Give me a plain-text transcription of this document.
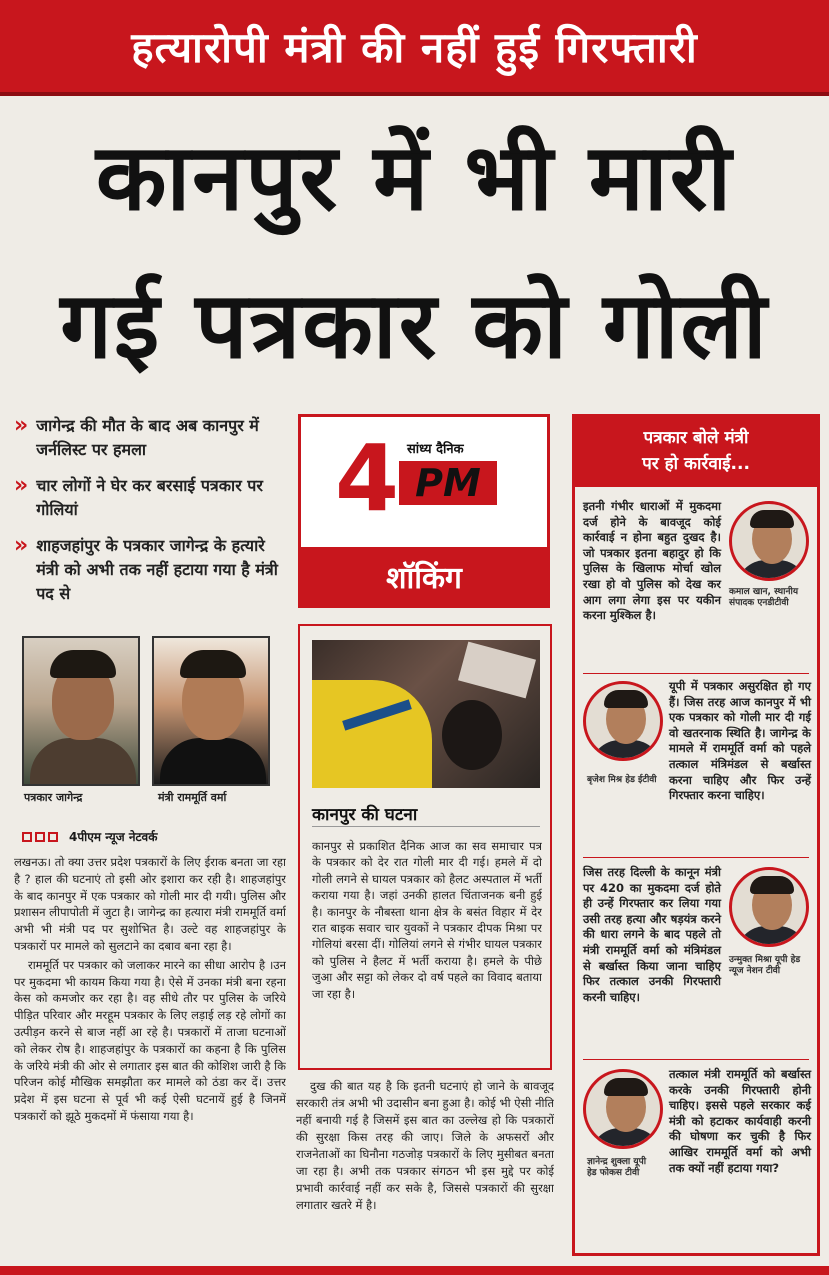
हत्यारोपी मंत्री की नहीं हुई गिरफ्तारी
कानपुर में भी मारी
गई पत्रकार को गोली
» जागेन्द्र की मौत के बाद अब कानपुर में जर्नलिस्ट पर हमला
» चार लोगों ने घेर कर बरसाई पत्रकार पर गोलियां
» शाहजहांपुर के पत्रकार जागेन्द्र के हत्यारे मंत्री को अभी तक नहीं हटाया गया है मंत्री पद से
पत्रकार जागेन्द्र	मंत्री राममूर्ति वर्मा
4पीएम न्यूज नेटवर्क

लखनऊ। तो क्या उत्तर प्रदेश पत्रकारों के लिए ईराक बनता जा रहा है ? हाल की घटनाएं तो इसी ओर इशारा कर रही है। शाहजहांपुर के बाद कानपुर में एक पत्रकार को गोली मार दी गयी। पुलिस और प्रशासन लीपापोती में जुटा है। जागेन्द्र का हत्यारा मंत्री राममूर्ति वर्मा अभी भी मंत्री पद पर सुशोभित है। उल्टे वह शाहजहांपुर के पत्रकारों पर मामले को सुलटाने का दबाव बना रहा है।

राममूर्ति पर पत्रकार को जलाकर मारने का सीधा आरोप है ।उन पर मुकदमा भी कायम किया गया है। ऐसे में उनका मंत्री बना रहना केस को कमजोर कर रहा है। वह सीधे तौर पर पुलिस के जरिये पीड़ित परिवार और मरहूम पत्रकार के लिए लड़ाई लड़ रहे लोगों का उत्पीड़न करने से बाज नहीं आ रहे है। पत्रकारों में ताजा घटनाओं को लेकर रोष है। शाहजहांपुर के पत्रकारों का कहना है कि पुलिस के जरिये मंत्री की ओर से लगातार इस बात की कोशिश जारी है कि परिजन कोई मौखिक समझौता कर मामले को ठंडा कर दें। उत्तर प्रदेश में इस घटना से पूर्व भी कई ऐसी घटनायें हुई है जिनमें पत्रकारों को झूठे मुकदमों में फंसाया गया है।

4 सांध्य दैनिक
PM
शॉकिंग
कानपुर की घटना
कानपुर से प्रकाशित दैनिक आज का सव समाचार पत्र के पत्रकार को देर रात गोली मार दी गई। हमले में दो गोली लगने से घायल पत्रकार को हैलट अस्पताल में भर्ती कराया गया है। जहां उनकी हालत चिंताजनक बनी हुई है। कानपुर के नौबस्ता थाना क्षेत्र के बसंत विहार में देर रात बाइक सवार चार युवकों ने पत्रकार दीपक मिश्रा पर गोलियां बरसा दीं। गोलियां लगने से गंभीर घायल पत्रकार को पुलिस ने हैलट में भर्ती कराया है। हमले के पीछे जुआ और सट्टा को लेकर दो वर्ष पहले का विवाद बताया जा रहा है।
दुख की बात यह है कि इतनी घटनाएं हो जाने के बावजूद सरकारी तंत्र अभी भी उदासीन बना हुआ है। कोई भी ऐसी नीति नहीं बनायी गई है जिसमें इस बात का उल्लेख हो कि पत्रकारों की सुरक्षा किस तरह की जाए। जिले के अफसरों और राजनेताओं का घिनौना गठजोड़ पत्रकारों के लिए मुसीबत बनता जा रहा है। अभी तक पत्रकार संगठन भी इस मुद्दे पर कोई प्रभावी कार्रवाई नहीं कर सके है, जिससे पत्रकारों की सुरक्षा लगातार खतरे में है।
पत्रकार बोले मंत्री
पर हो कार्रवाई...
इतनी गंभीर धाराओं में मुकदमा दर्ज होने के बावजूद कोई कार्रवाई न होना बहुत दुखद है। जो पत्रकार इतना बहादुर हो कि पुलिस के खिलाफ मोर्चा खोल रखा हो वो पुलिस को देख कर आग लगा लेगा इस पर यकीन करना मुश्किल है।
कमाल खान, स्थानीय संपादक एनडीटीवी
बृजेश मिश्र हेड ईटीवी
यूपी में पत्रकार असुरक्षित हो गए हैं। जिस तरह आज कानपुर में भी एक पत्रकार को गोली मार दी गई वो खतरनाक स्थिति है। जागेन्द्र के मामले में राममूर्ति वर्मा को पहले तत्काल मंत्रिमंडल से बर्खास्त करना चाहिए और फिर उन्हें गिरफ्तार करना चाहिए।
जिस तरह दिल्ली के कानून मंत्री पर 420 का मुकदमा दर्ज होते ही उन्हें गिरफ्तार कर लिया गया उसी तरह हत्या और षड़यंत्र करने की धारा लगने के बाद पहले तो मंत्री राममूर्ति वर्मा को मंत्रिमंडल से बर्खास्त किया जाना चाहिए फिर तत्काल उनकी गिरफ्तारी करनी चाहिए।
उन्मुक्त मिश्रा यूपी हेड न्यूज नेशन टीवी
ज्ञानेन्द्र शुक्ला यूपी हेड फोकस टीवी
तत्काल मंत्री राममूर्ति को बर्खास्त करके उनकी गिरफ्तारी होनी चाहिए। इससे पहले सरकार कई मंत्री को हटाकर कार्यवाही करनी की घोषणा कर चुकी है फिर आखिर राममूर्ति वर्मा को अभी तक क्यों नहीं हटाया गया?
